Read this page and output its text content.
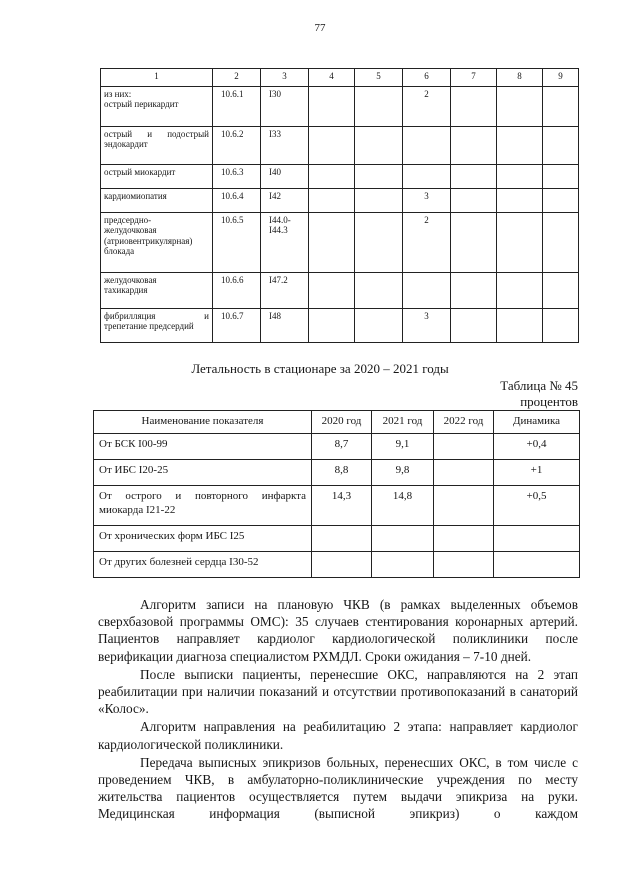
77
1	2	3	4	5	6	7	8	9

из них:
острый перикардит	10.6.1	I30			2			

острый и подострый
эндокардит	10.6.2	I33						

острый миокардит	10.6.3	I40						

кардиомиопатия	10.6.4	I42			3			

предсердно-
желудочковая
(атриовентрикулярная)
блокада	10.6.5	I44.0-I44.3			2			

желудочковая
тахикардия	10.6.6	I47.2						

фибрилляция и
трепетание предсердий	10.6.7	I48			3			
Летальность в стационаре за 2020 – 2021 годы
Таблица № 45
процентов
Наименование показателя	2020 год	2021 год	2022 год	Динамика
От БСК I00-99	8,7	9,1		+0,4
От ИБС I20-25	8,8	9,8		+1
От острого и повторного инфаркта миокарда I21-22	14,3	14,8		+0,5
От хронических форм ИБС I25				
От других болезней сердца I30-52				

Алгоритм записи на плановую ЧКВ (в рамках выделенных объемов сверхбазовой программы ОМС): 35 случаев стентирования коронарных артерий. Пациентов направляет кардиолог кардиологической поликлиники после верификации диагноза специалистом РХМДЛ. Сроки ожидания – 7-10 дней.

После выписки пациенты, перенесшие ОКС, направляются на 2 этап реабилитации при наличии показаний и отсутствии противопоказаний в санаторий «Колос».

Алгоритм направления на реабилитацию 2 этапа: направляет кардиолог кардиологической поликлиники.

Передача выписных эпикризов больных, перенесших ОКС, в том числе с проведением ЧКВ, в амбулаторно-поликлинические учреждения по месту жительства пациентов осуществляется путем выдачи эпикриза на руки. Медицинская информация (выписной эпикриз) о каждом
